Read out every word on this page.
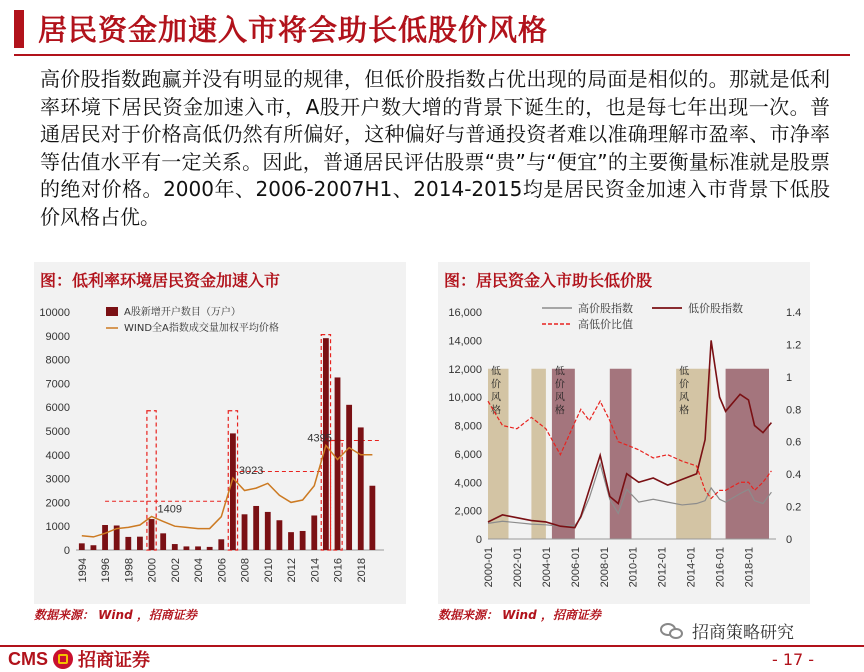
居民资金加速入市将会助长低股价风格
高价股指数跑赢并没有明显的规律，但低价股指数占优出现的局面是相似的。那就是低利率环境下居民资金加速入市，A股开户数大增的背景下诞生的，也是每七年出现一次。普通居民对于价格高低仍然有所偏好，这种偏好与普通投资者难以准确理解市盈率、市净率等估值水平有一定关系。因此，普通居民评估股票“贵”与“便宜”的主要衡量标准就是股票的绝对价格。2000年、2006-2007H1、2014-2015均是居民资金加速入市背景下低股价风格占优。
图：低利率环境居民资金加速入市
0
1000
2000
3000
4000
5000
6000
7000
8000
9000
10000
1994 1996 1998 2000 2002 2004 2006 2008 2010 2012 2014 2016 2018
1409
3023
4395
A股新增开户数目（万户）
WIND全A指数成交量加权平均价格
图：居民资金入市助长低价股
低
价
风
格
低
价
风
格
低
价
风
格
0
2,000
4,000
6,000
8,000
10,000
12,000
14,000
16,000
0
0.2
0.4
0.6
0.8
1
1.2
1.4
2000-01 2002-01 2004-01 2006-01 2008-01 2010-01 2012-01 2014-01 2016-01 2018-01
高价股指数	低价股指数
高低价比值
数据来源： Wind ，招商证券	数据来源： Wind ，招商证券
招商策略研究
CMS 招商证券	- 17 -
